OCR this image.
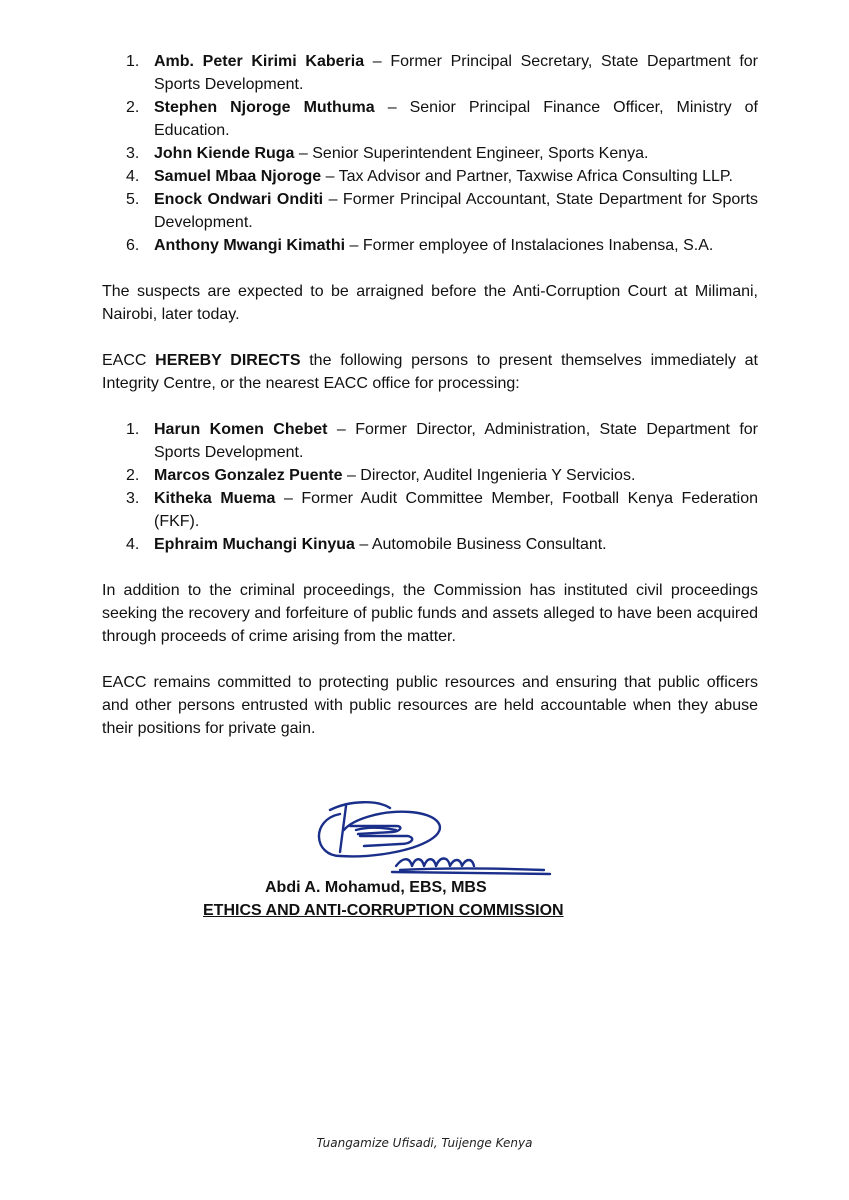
1. Amb. Peter Kirimi Kaberia – Former Principal Secretary, State Department for Sports Development.
2. Stephen Njoroge Muthuma – Senior Principal Finance Officer, Ministry of Education.
3. John Kiende Ruga – Senior Superintendent Engineer, Sports Kenya.
4. Samuel Mbaa Njoroge – Tax Advisor and Partner, Taxwise Africa Consulting LLP.
5. Enock Ondwari Onditi – Former Principal Accountant, State Department for Sports Development.
6. Anthony Mwangi Kimathi – Former employee of Instalaciones Inabensa, S.A.

The suspects are expected to be arraigned before the Anti-Corruption Court at Milimani, Nairobi, later today.

EACC HEREBY DIRECTS the following persons to present themselves immediately at Integrity Centre, or the nearest EACC office for processing:

1. Harun Komen Chebet – Former Director, Administration, State Department for Sports Development.
2. Marcos Gonzalez Puente – Director, Auditel Ingenieria Y Servicios.
3. Kitheka Muema – Former Audit Committee Member, Football Kenya Federation (FKF).
4. Ephraim Muchangi Kinyua – Automobile Business Consultant.

In addition to the criminal proceedings, the Commission has instituted civil proceedings seeking the recovery and forfeiture of public funds and assets alleged to have been acquired through proceeds of crime arising from the matter.

EACC remains committed to protecting public resources and ensuring that public officers and other persons entrusted with public resources are held accountable when they abuse their positions for private gain.

Abdi A. Mohamud, EBS, MBS
ETHICS AND ANTI-CORRUPTION COMMISSION
Tuangamize Ufisadi, Tuijenge Kenya
